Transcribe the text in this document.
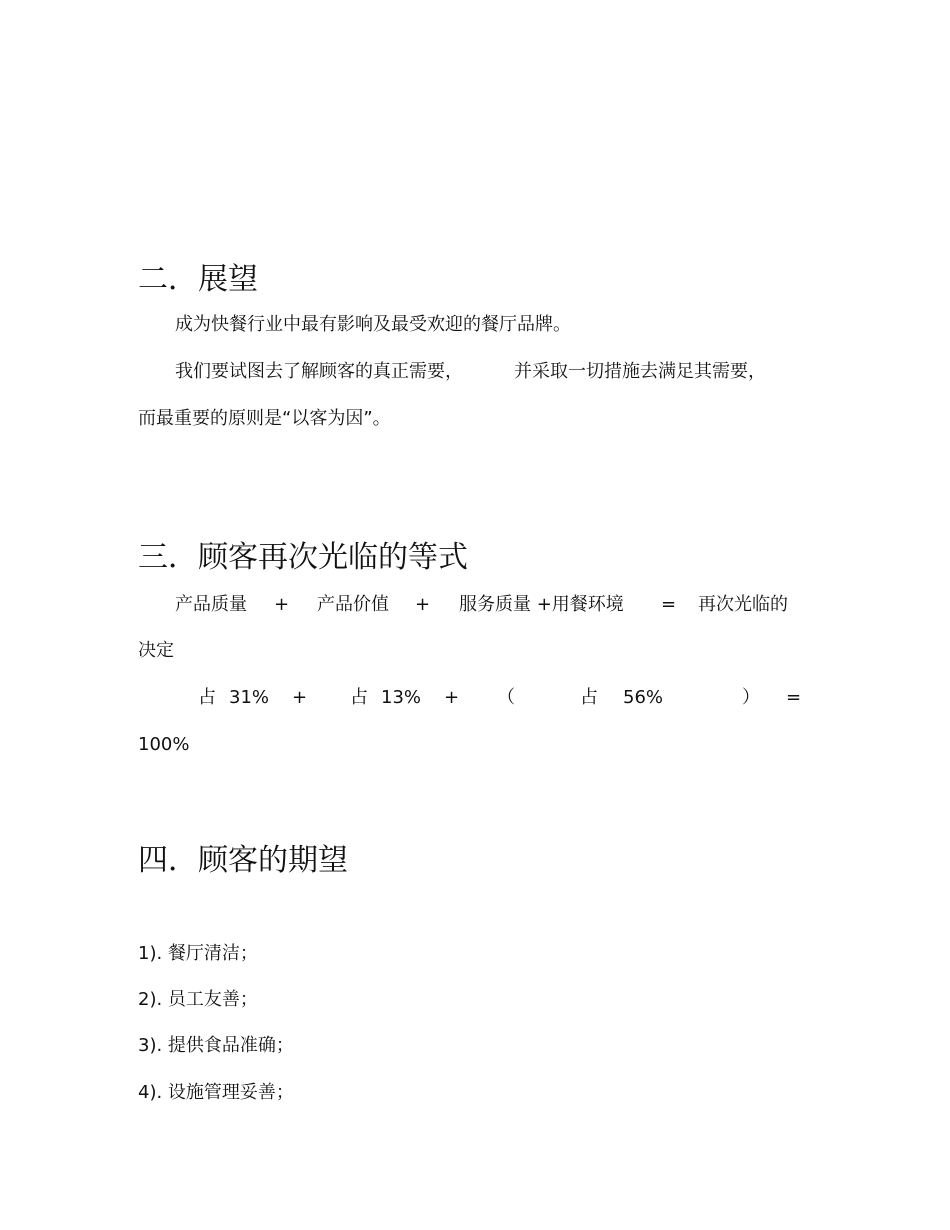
二．展望
成为快餐行业中最有影响及最受欢迎的餐厅品牌。
我们要试图去了解顾客的真正需要，	并采取一切措施去满足其需要，
而最重要的原则是“以客为因”。
三．顾客再次光临的等式
产品质量 + 产品价值 + 服务质量 +用餐环境 = 再次光临的
决定
占 31% + 占 13% + （	占 56%	） =
100%
四．顾客的期望
1). 餐厅清洁；
2). 员工友善；
3). 提供食品准确；
4). 设施管理妥善；
